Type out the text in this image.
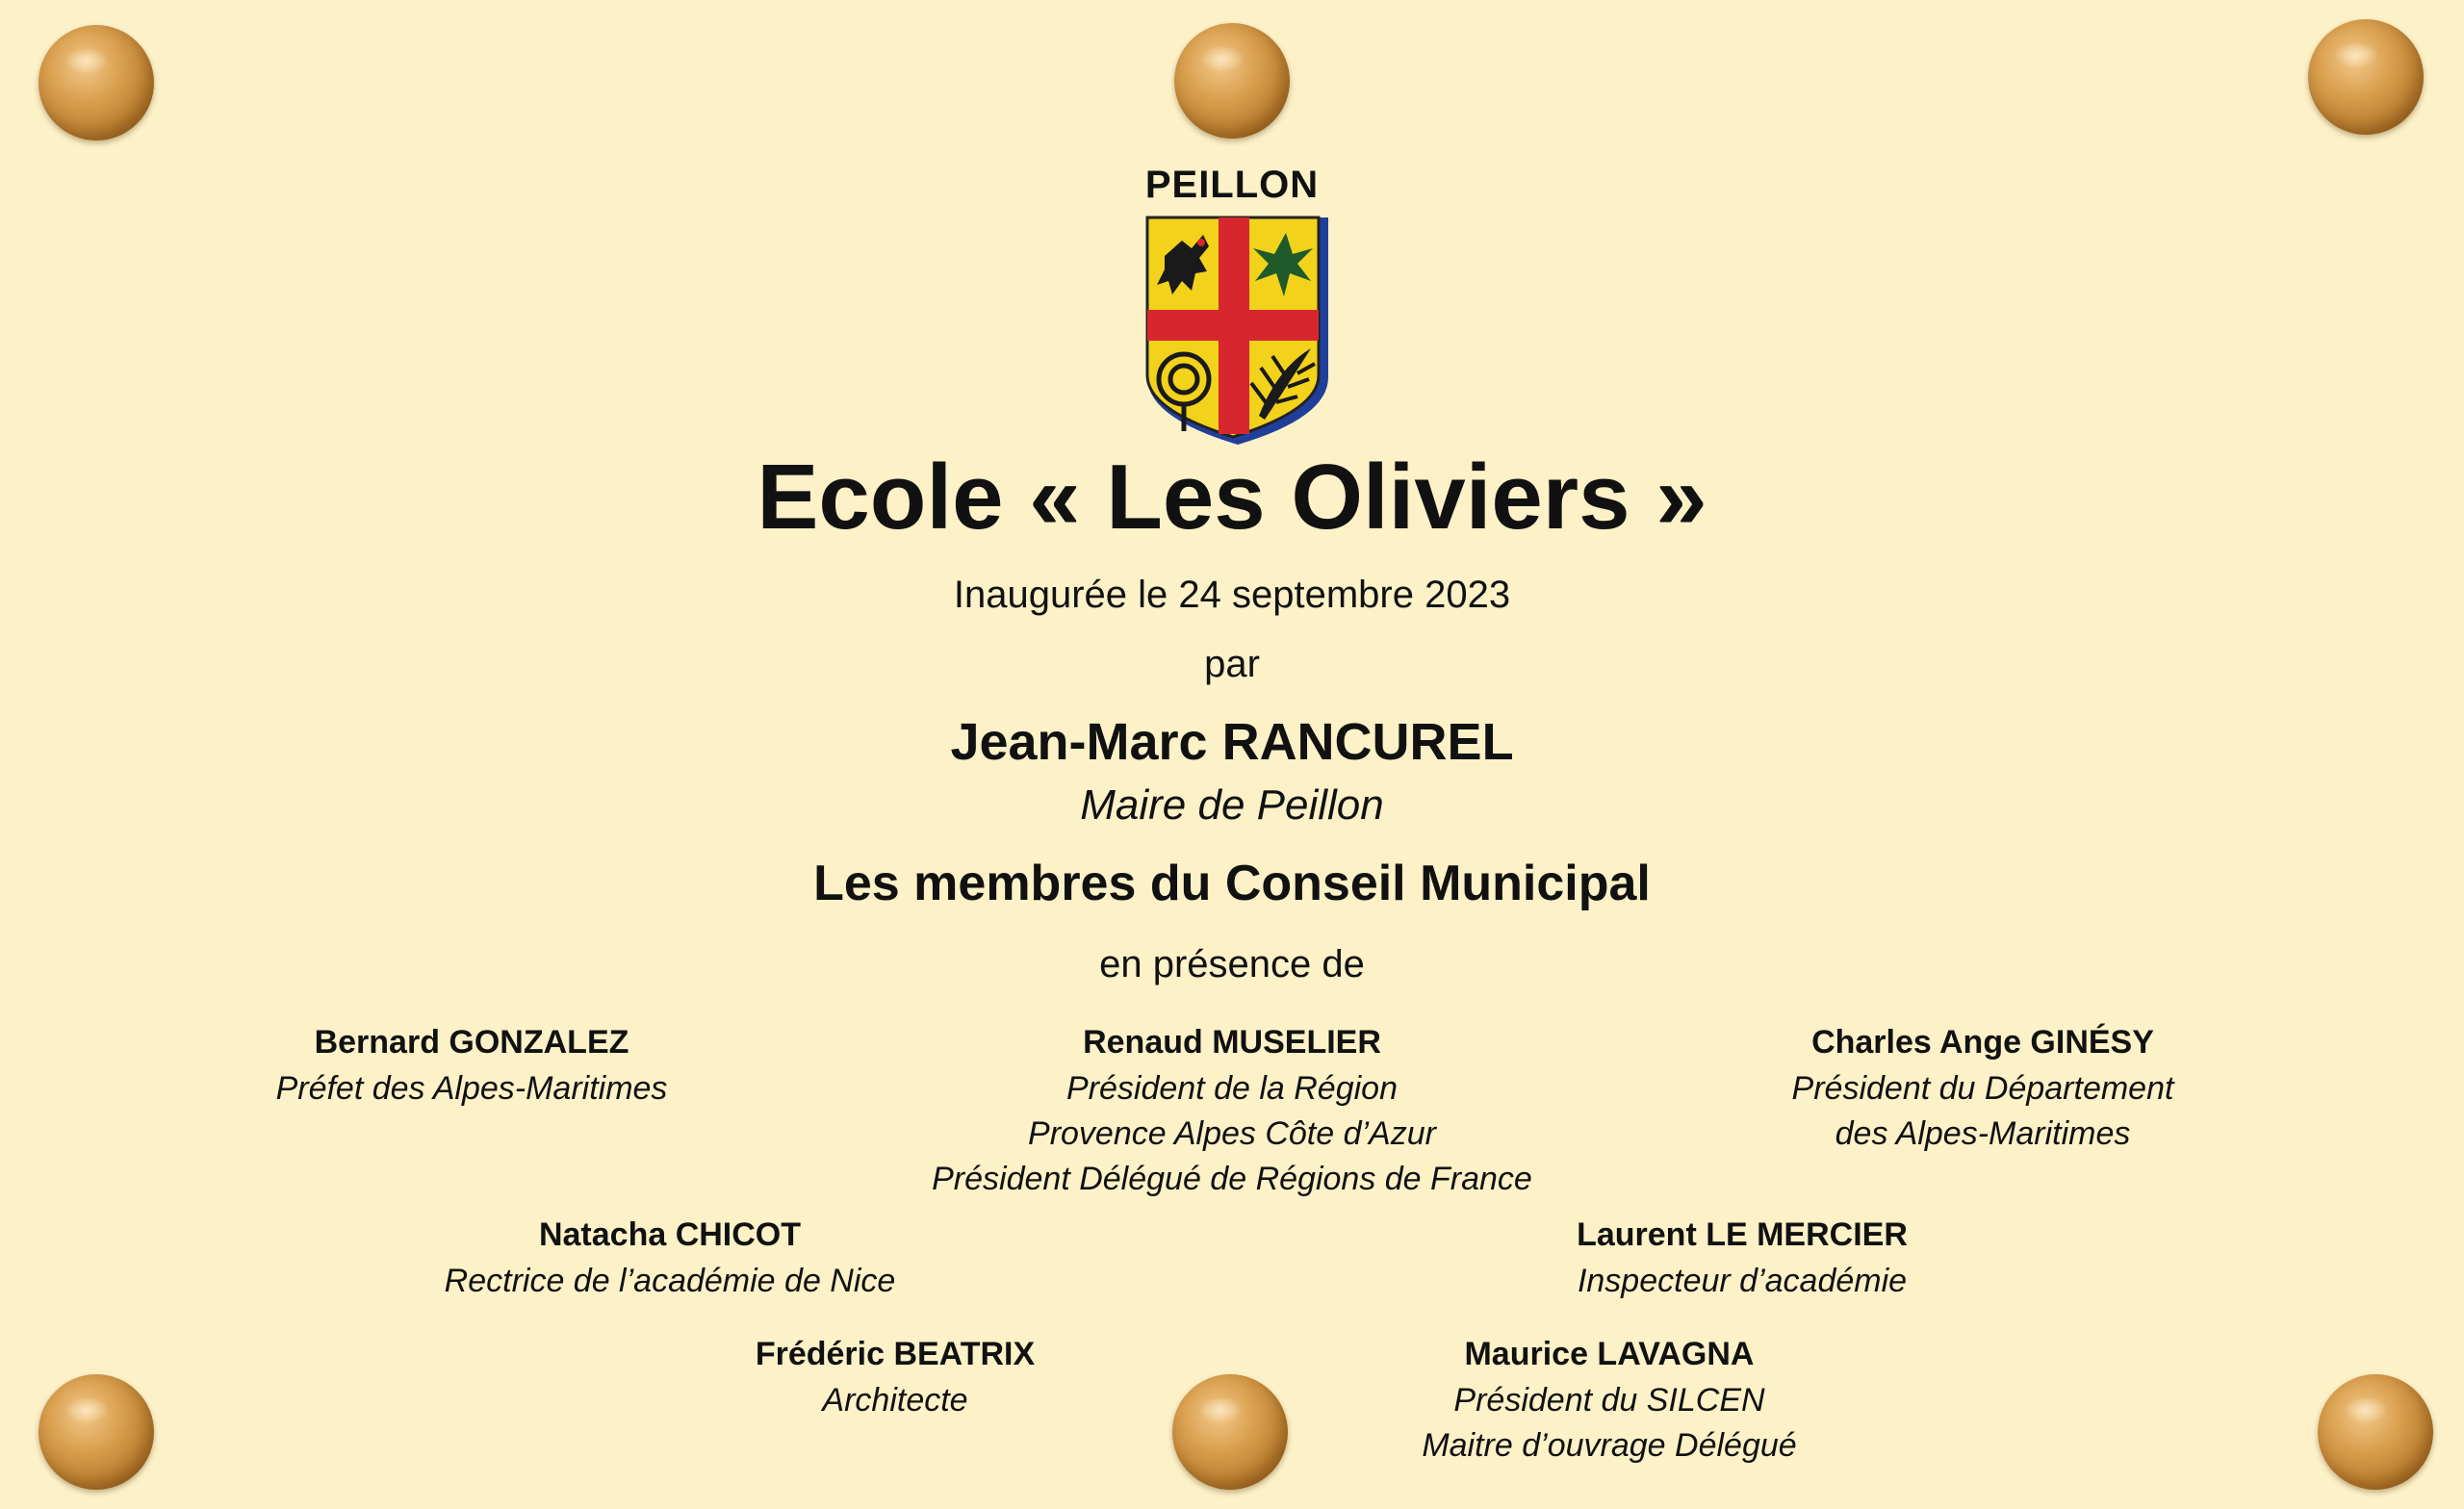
PEILLON
Ecole « Les Oliviers »
Inaugurée le 24 septembre 2023
par
Jean-Marc RANCUREL
Maire de Peillon
Les membres du Conseil Municipal
en présence de
Bernard GONZALEZ
Préfet des Alpes-Maritimes
Renaud MUSELIER
Président de la Région
Provence Alpes Côte d’Azur
Président Délégué de Régions de France
Charles Ange GINÉSY
Président du Département
des Alpes-Maritimes
Natacha CHICOT
Rectrice de l’académie de Nice
Laurent LE MERCIER
Inspecteur d’académie
Frédéric BEATRIX
Architecte
Maurice LAVAGNA
Président du SILCEN
Maitre d’ouvrage Délégué
